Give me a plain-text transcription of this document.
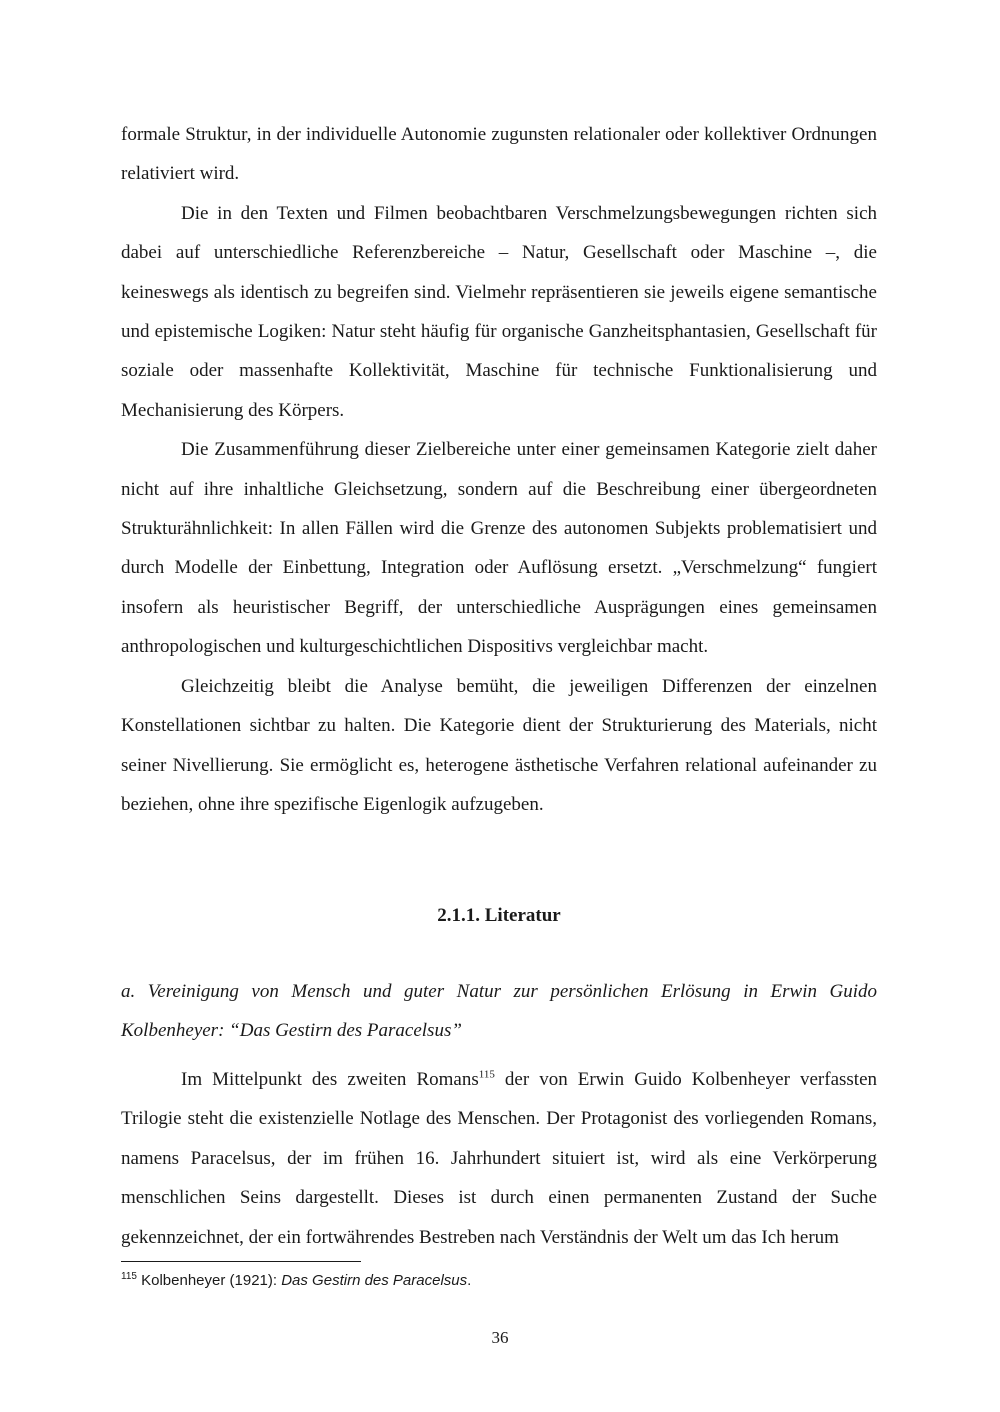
formale Struktur, in der individuelle Autonomie zugunsten relationaler oder kollektiver Ordnungen relativiert wird.

Die in den Texten und Filmen beobachtbaren Verschmelzungsbewegungen richten sich dabei auf unterschiedliche Referenzbereiche – Natur, Gesellschaft oder Maschine –, die keineswegs als identisch zu begreifen sind. Vielmehr repräsentieren sie jeweils eigene semantische und epistemische Logiken: Natur steht häufig für organische Ganzheitsphantasien, Gesellschaft für soziale oder massenhafte Kollektivität, Maschine für technische Funktionalisierung und Mechanisierung des Körpers.

Die Zusammenführung dieser Zielbereiche unter einer gemeinsamen Kategorie zielt daher nicht auf ihre inhaltliche Gleichsetzung, sondern auf die Beschreibung einer übergeordneten Strukturähnlichkeit: In allen Fällen wird die Grenze des autonomen Subjekts problematisiert und durch Modelle der Einbettung, Integration oder Auflösung ersetzt. „Verschmelzung“ fungiert insofern als heuristischer Begriff, der unterschiedliche Ausprägungen eines gemeinsamen anthropologischen und kulturgeschichtlichen Dispositivs vergleichbar macht.

Gleichzeitig bleibt die Analyse bemüht, die jeweiligen Differenzen der einzelnen Konstellationen sichtbar zu halten. Die Kategorie dient der Strukturierung des Materials, nicht seiner Nivellierung. Sie ermöglicht es, heterogene ästhetische Verfahren relational aufeinander zu beziehen, ohne ihre spezifische Eigenlogik aufzugeben.

2.1.1. Literatur
a. Vereinigung von Mensch und guter Natur zur persönlichen Erlösung in Erwin Guido Kolbenheyer: “Das Gestirn des Paracelsus”

Im Mittelpunkt des zweiten Romans$^{115}$ der von Erwin Guido Kolbenheyer verfassten Trilogie steht die existenzielle Notlage des Menschen. Der Protagonist des vorliegenden Romans, namens Paracelsus, der im frühen 16. Jahrhundert situiert ist, wird als eine Verkörperung menschlichen Seins dargestellt. Dieses ist durch einen permanenten Zustand der Suche gekennzeichnet, der ein fortwährendes Bestreben nach Verständnis der Welt um das Ich herum

$^{115}$ Kolbenheyer (1921): Das Gestirn des Paracelsus.
36
